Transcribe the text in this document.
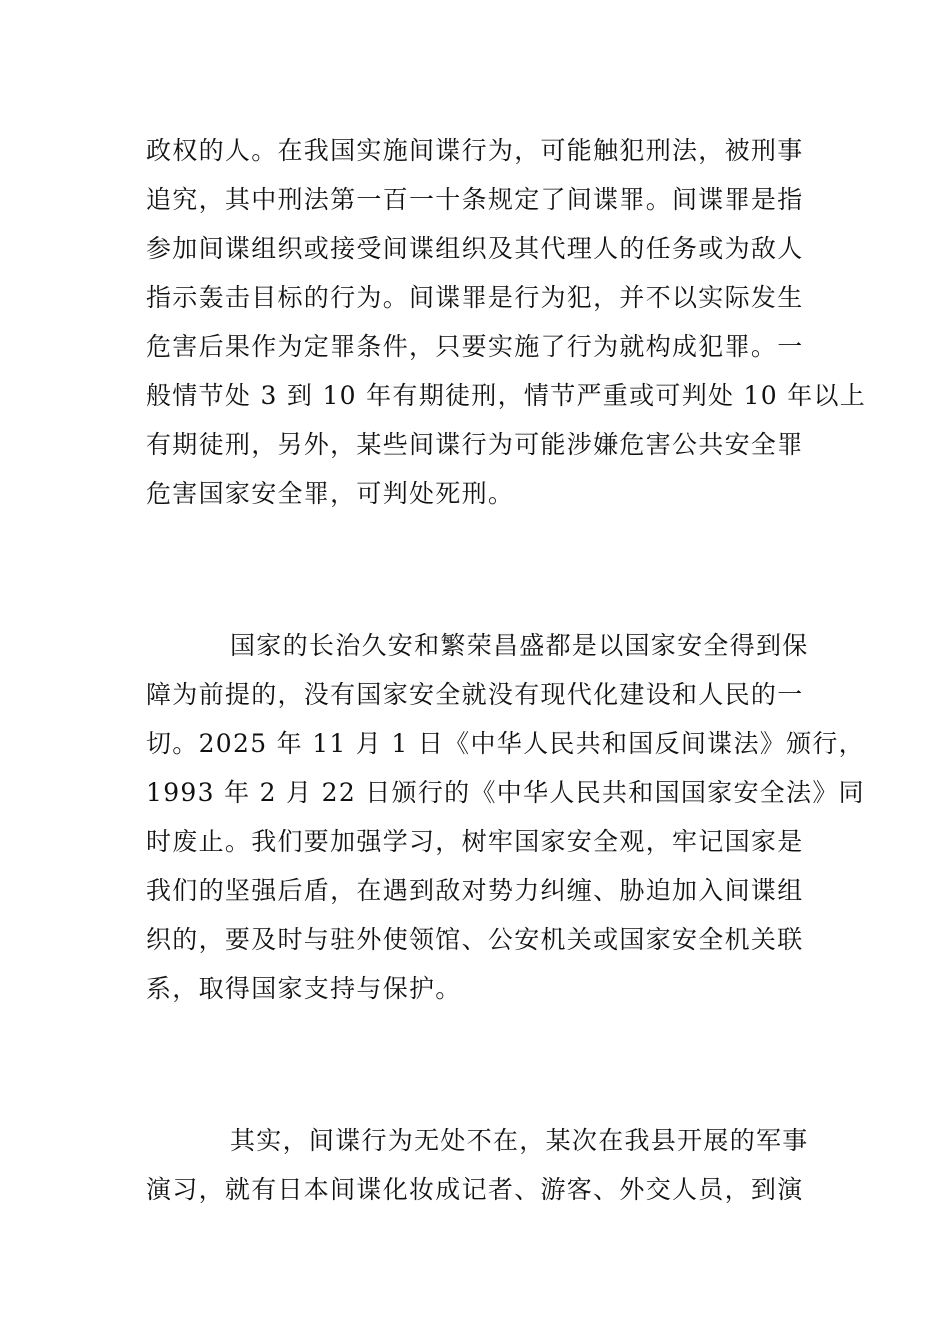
政权的人。在我国实施间谍行为，可能触犯刑法，被刑事
追究，其中刑法第一百一十条规定了间谍罪。间谍罪是指
参加间谍组织或接受间谍组织及其代理人的任务或为敌人
指示轰击目标的行为。间谍罪是行为犯，并不以实际发生
危害后果作为定罪条件，只要实施了行为就构成犯罪。一
般情节处 3 到 10 年有期徒刑，情节严重或可判处 10 年以上
有期徒刑，另外，某些间谍行为可能涉嫌危害公共安全罪
危害国家安全罪，可判处死刑。
国家的长治久安和繁荣昌盛都是以国家安全得到保
障为前提的，没有国家安全就没有现代化建设和人民的一
切。2025 年 11 月 1 日《中华人民共和国反间谍法》颁行，
1993 年 2 月 22 日颁行的《中华人民共和国国家安全法》同
时废止。我们要加强学习，树牢国家安全观，牢记国家是
我们的坚强后盾，在遇到敌对势力纠缠、胁迫加入间谍组
织的，要及时与驻外使领馆、公安机关或国家安全机关联
系，取得国家支持与保护。
其实，间谍行为无处不在，某次在我县开展的军事
演习，就有日本间谍化妆成记者、游客、外交人员，到演
